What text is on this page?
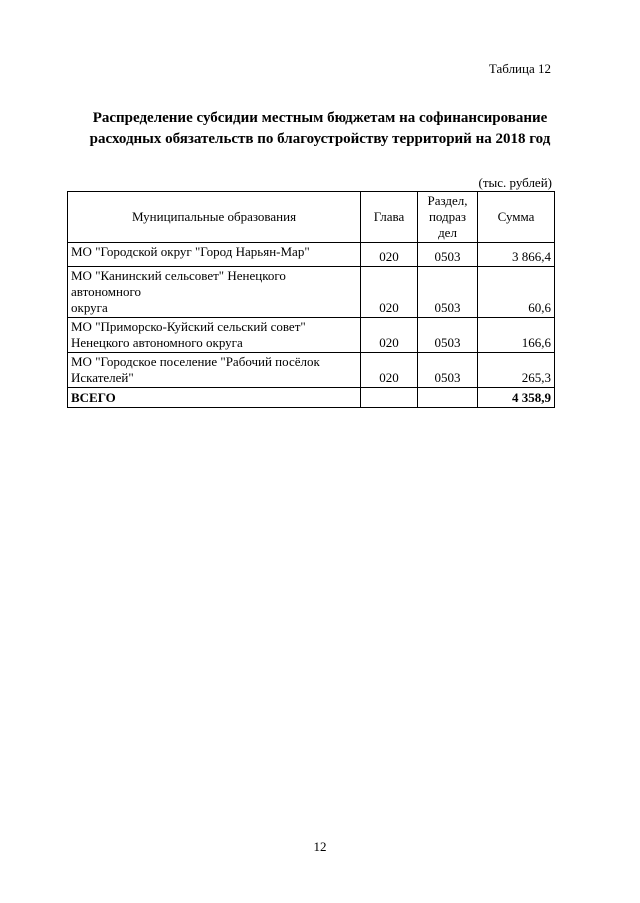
Таблица 12
Распределение субсидии местным бюджетам на софинансирование
расходных обязательств по благоустройству территорий на 2018 год
(тыс. рублей)
Муниципальные образования	Глава	Раздел,
подраз
дел	Сумма

МО "Городской округ "Город Нарьян-Мар"	020	0503	3 866,4

МО "Канинский сельсовет" Ненецкого автономного
округа	020	0503	60,6

МО "Приморско-Куйский сельский совет"
Ненецкого автономного округа	020	0503	166,6

МО "Городское поселение "Рабочий посёлок
Искателей"	020	0503	265,3
ВСЕГО			4 358,9
12
